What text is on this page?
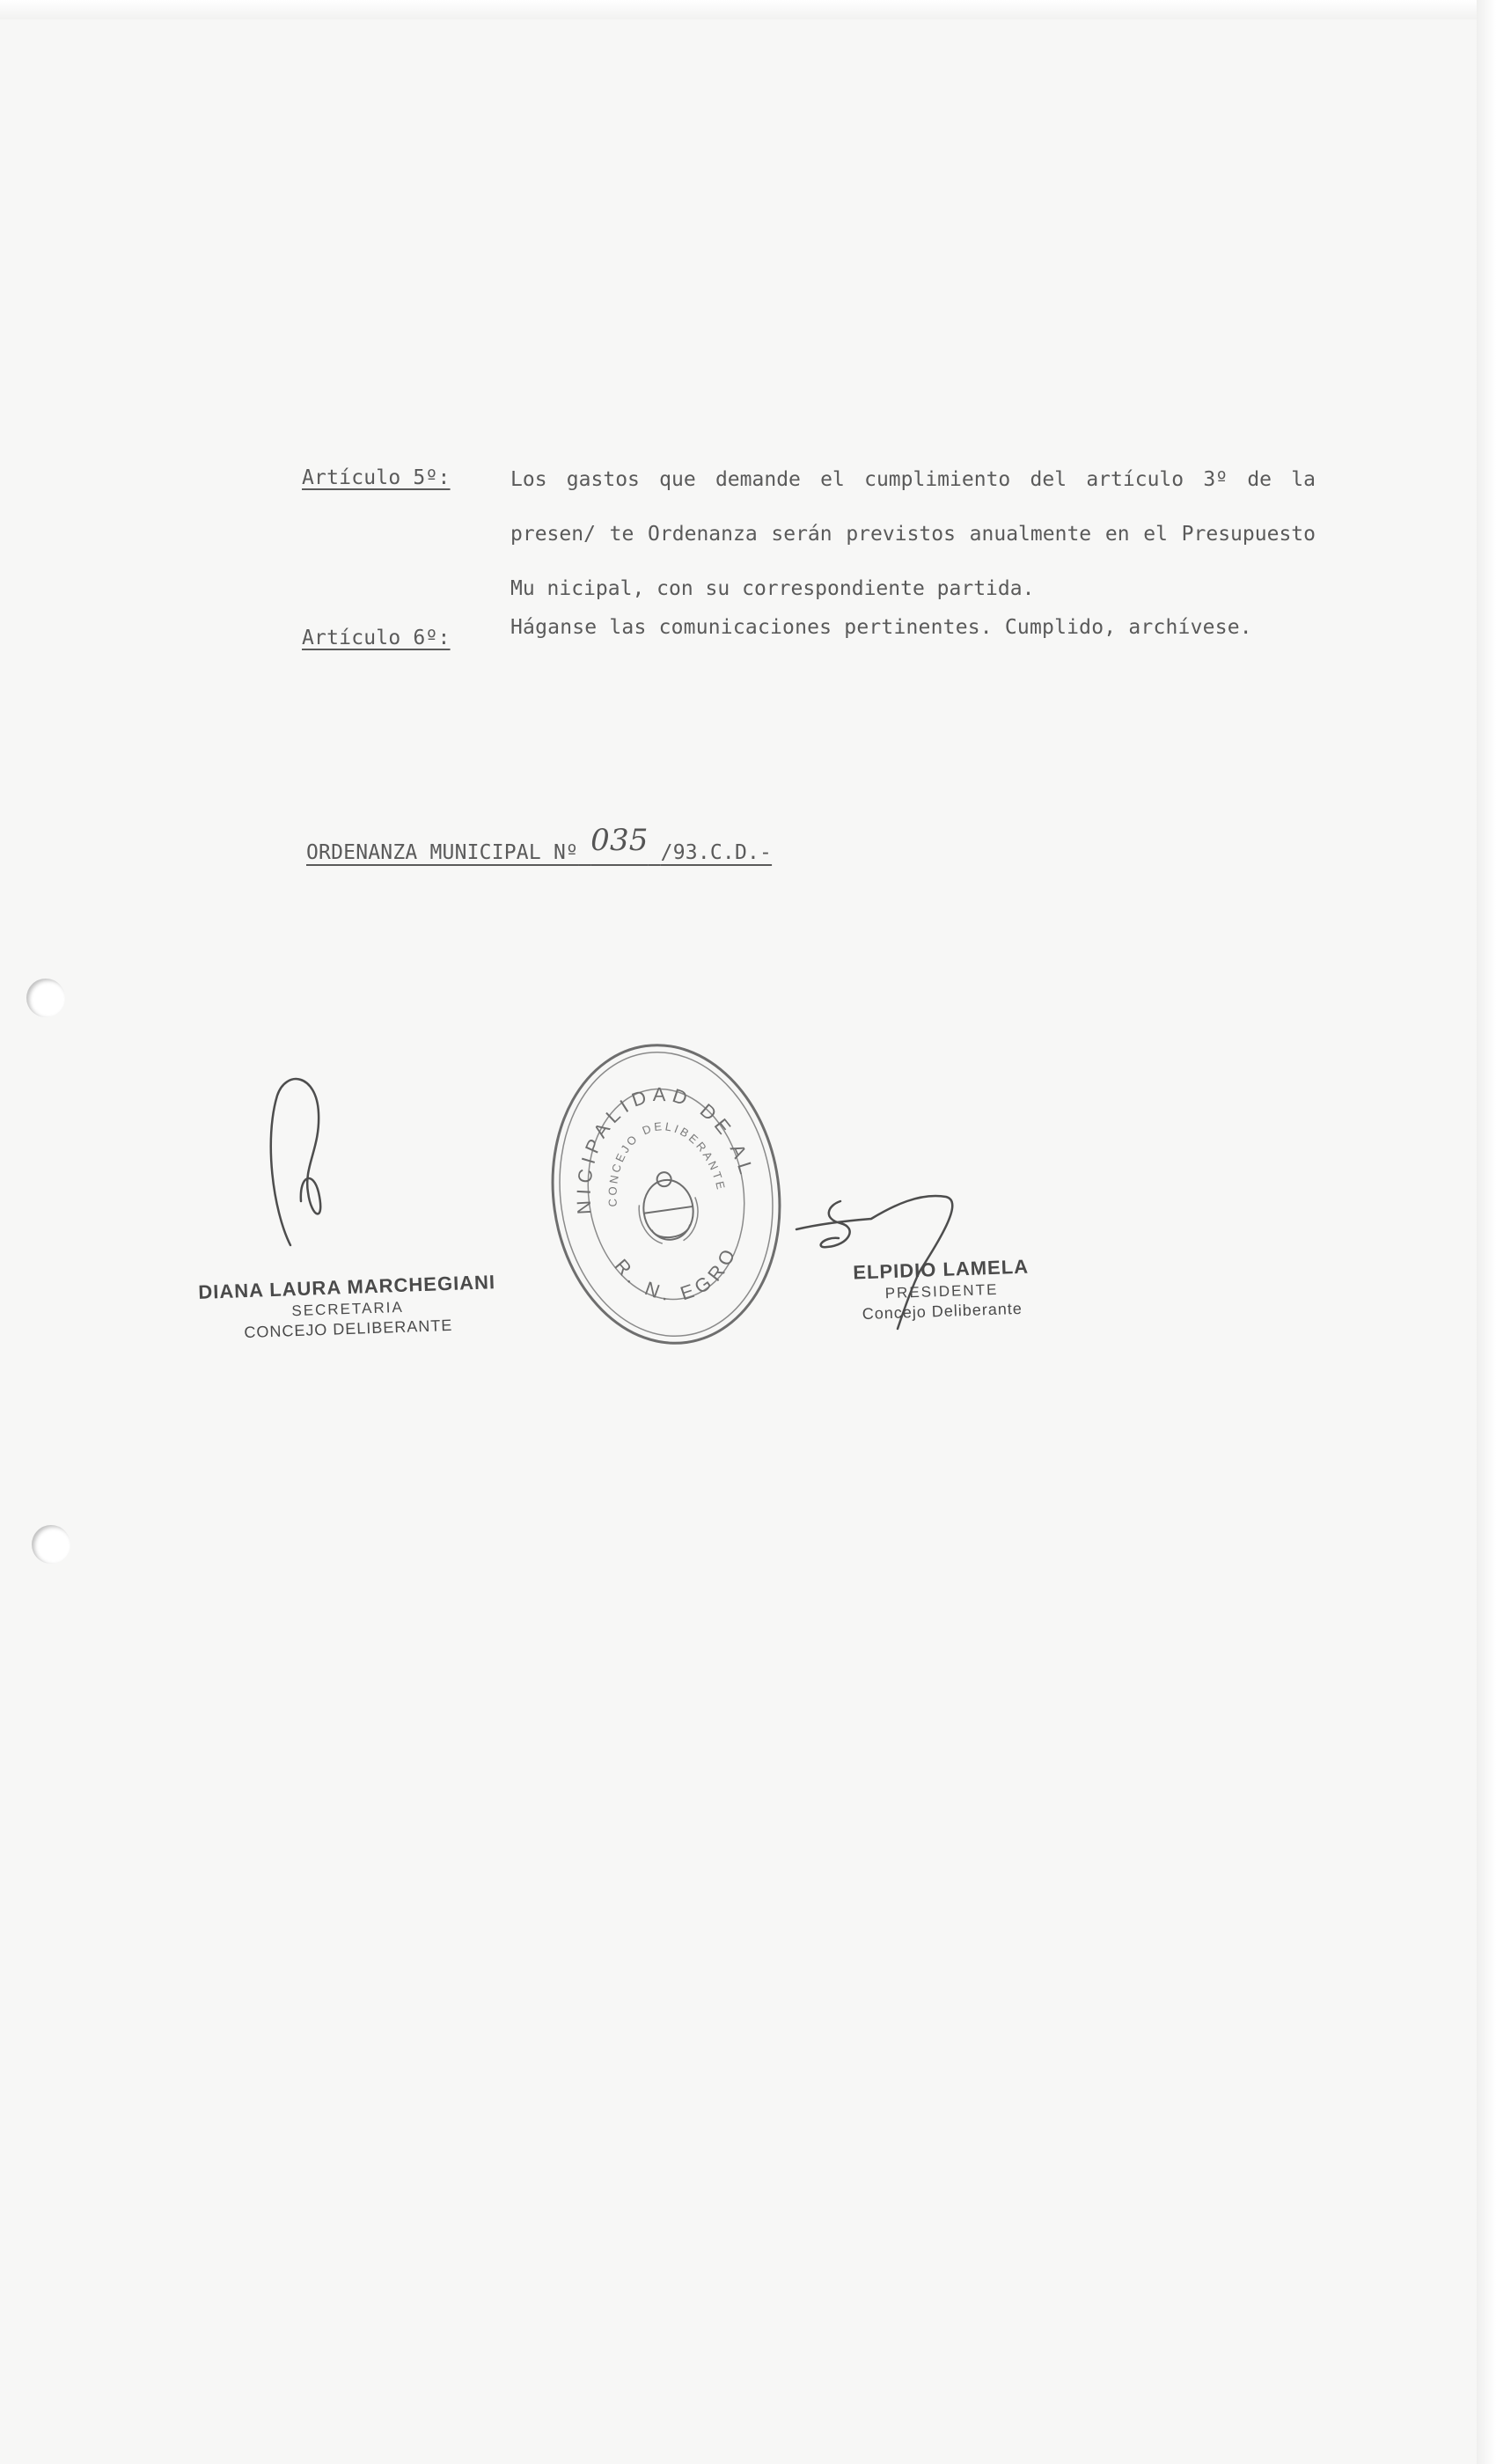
Artículo 5º:	Los gastos que demande el cumplimiento del artículo 3º de la presen/ te Ordenanza serán previstos anualmente en el Presupuesto Mu nicipal, con su correspondiente partida.
Artículo 6º:	Háganse las comunicaciones pertinentes. Cumplido, archívese.
ORDENANZA MUNICIPAL Nº 035 /93.C.D.-
DIANA LAURA MARCHEGIANI
SECRETARIA
CONCEJO DELIBERANTE
MUNICIPALIDAD DE ALLEN
CONCEJO DELIBERANTE
R. N. EGRO
ELPIDIO LAMELA
PRESIDENTE
Concejo Deliberante
